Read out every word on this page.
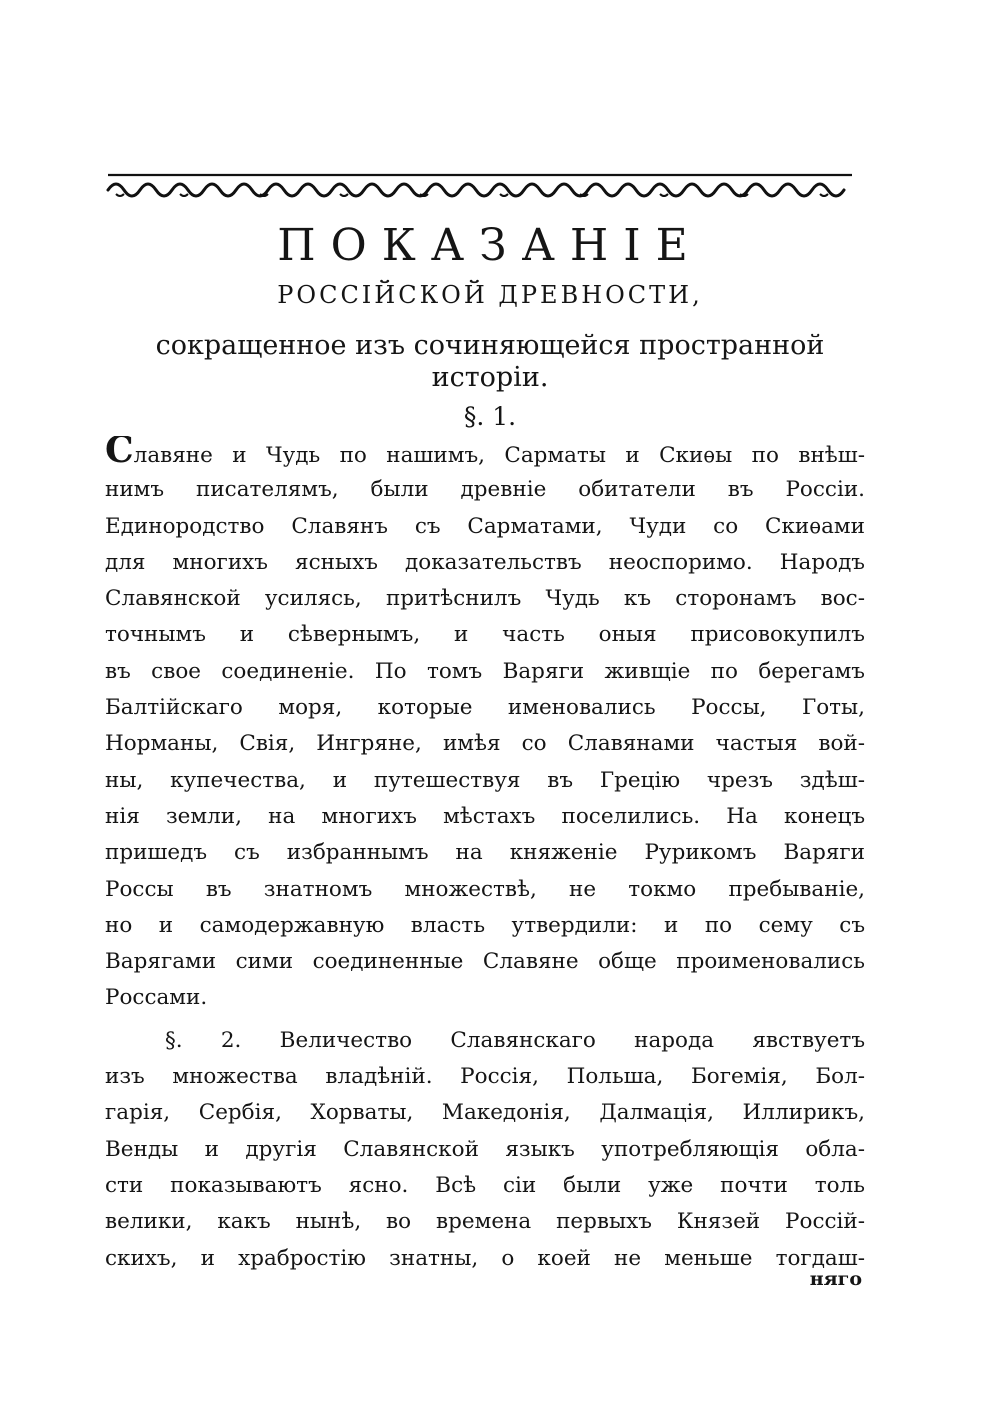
ПОКАЗАНІЕ
РОССІЙСКОЙ ДРЕВНОСТИ,
сокращенное изъ сочиняющейся пространной исторіи.
§. 1.
Славяне и Чудь по нашимъ, Сарматы и Скиѳы по внѣш-
нимъ писателямъ, были древніе обитатели въ Россіи.
Единородство Славянъ съ Сарматами, Чуди со Скиѳами
для многихъ ясныхъ доказательствъ неоспоримо. Народъ
Славянской усилясь, притѣснилъ Чудь къ сторонамъ вос-
точнымъ и сѣвернымъ, и часть оныя присовокупилъ
въ свое соединеніе. По томъ Варяги живщіе по берегамъ
Балтійскаго моря, которые именовались Россы, Готы,
Норманы, Свія, Ингряне, имѣя со Славянами частыя вой-
ны, купечества, и путешествуя въ Грецію чрезъ здѣш-
нія земли, на многихъ мѣстахъ поселились. На конецъ
пришедъ съ избраннымъ на княженіе Рурикомъ Варяги
Россы въ знатномъ множествѣ, не токмо пребываніе,
но и самодержавную власть утвердили: и по сему съ
Варягами сими соединенные Славяне обще проименовались
Россами.
§. 2. Величество Славянскаго народа явствуетъ
изъ множества владѣній. Россія, Польша, Богемія, Бол-
гарія, Сербія, Хорваты, Македонія, Далмація, Иллирикъ,
Венды и другія Славянской языкъ употребляющія обла-
сти показываютъ ясно. Всѣ сіи были уже почти толь
велики, какъ нынѣ, во времена первыхъ Князей Россій-
скихъ, и храбростію знатны, о коей не меньше тогдаш-
няго
